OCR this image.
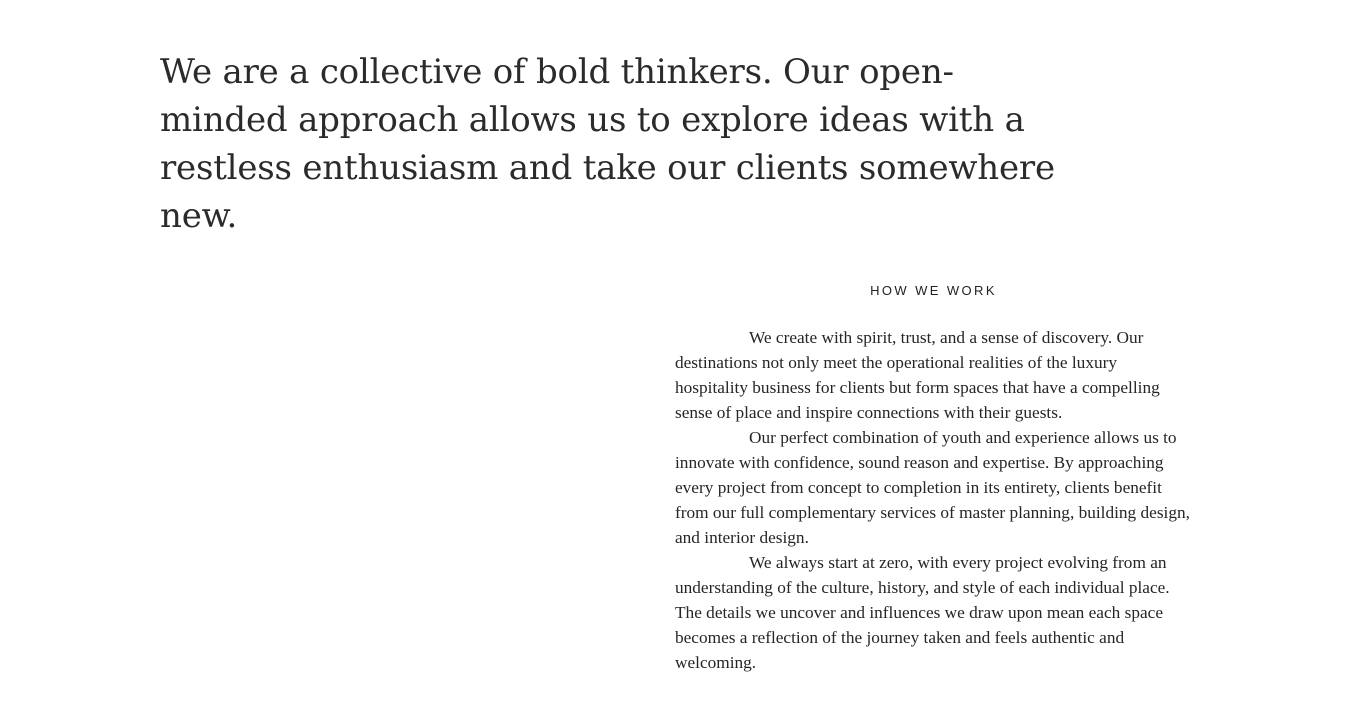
We are a collective of bold thinkers. Our open-minded approach allows us to explore ideas with a restless enthusiasm and take our clients somewhere new.
HOW WE WORK

We create with spirit, trust, and a sense of discovery. Our destinations not only meet the operational realities of the luxury hospitality business for clients but form spaces that have a compelling sense of place and inspire connections with their guests.

Our perfect combination of youth and experience allows us to innovate with confidence, sound reason and expertise. By approaching every project from concept to completion in its entirety, clients benefit from our full complementary services of master planning, building design, and interior design.

We always start at zero, with every project evolving from an understanding of the culture, history, and style of each individual place. The details we uncover and influences we draw upon mean each space becomes a reflection of the journey taken and feels authentic and welcoming.
